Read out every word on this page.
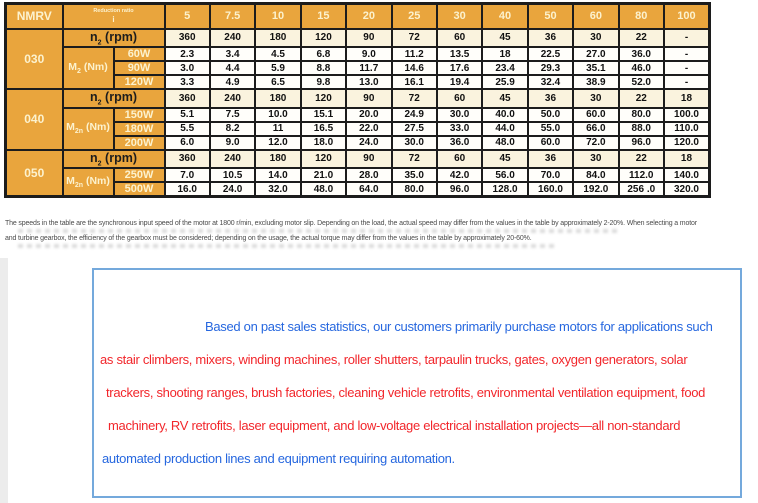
NMRV	Reduction ratio
i		5	7.5	10	15	20	25	30	40	50	60	80	100
030	$n_2$ (rpm)		360	240	180	120	90	72	60	45	36	30	22	-
	$M_2$ (Nm)	60W	2.3	3.4	4.5	6.8	9.0	11.2	13.5	18	22.5	27.0	36.0	-
		90W	3.0	4.4	5.9	8.8	11.7	14.6	17.6	23.4	29.3	35.1	46.0	-
		120W	3.3	4.9	6.5	9.8	13.0	16.1	19.4	25.9	32.4	38.9	52.0	-
040	$n_2$ (rpm)		360	240	180	120	90	72	60	45	36	30	22	18
	$M_{2n}$ (Nm)	150W	5.1	7.5	10.0	15.1	20.0	24.9	30.0	40.0	50.0	60.0	80.0	100.0
		180W	5.5	8.2	11	16.5	22.0	27.5	33.0	44.0	55.0	66.0	88.0	110.0
		200W	6.0	9.0	12.0	18.0	24.0	30.0	36.0	48.0	60.0	72.0	96.0	120.0
050	$n_2$ (rpm)		360	240	180	120	90	72	60	45	36	30	22	18
	$M_{2n}$ (Nm)	250W	7.0	10.5	14.0	21.0	28.0	35.0	42.0	56.0	70.0	84.0	112.0	140.0
		500W	16.0	24.0	32.0	48.0	64.0	80.0	96.0	128.0	160.0	192.0	256 .0	320.0
The speeds in the table are the synchronous input speed of the motor at 1800 r/min, excluding motor slip. Depending on the load, the actual speed may differ from the values in the table by approximately 2-20%. When selecting a motor
and turbine gearbox, the efficiency of the gearbox must be considered; depending on the usage, the actual torque may differ from the values in the table by approximately 20-60%.
Based on past sales statistics, our customers primarily purchase motors for applications such
as stair climbers, mixers, winding machines, roller shutters, tarpaulin trucks, gates, oxygen generators, solar
trackers, shooting ranges, brush factories, cleaning vehicle retrofits, environmental ventilation equipment, food
machinery, RV retrofits, laser equipment, and low-voltage electrical installation projects—all non-standard
automated production lines and equipment requiring automation.
